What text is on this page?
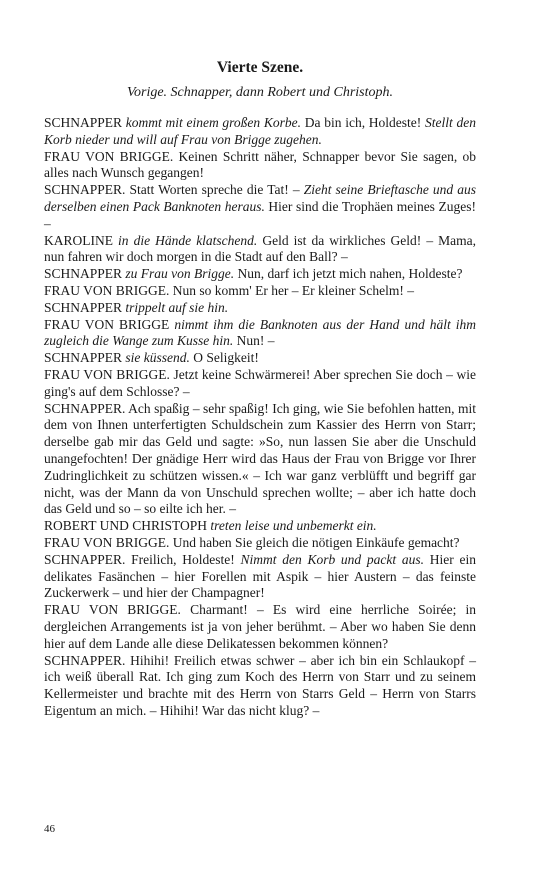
Vierte Szene.
Vorige. Schnapper, dann Robert und Christoph.
SCHNAPPER kommt mit einem großen Korbe. Da bin ich, Holdeste! Stellt den Korb nieder und will auf Frau von Brigge zugehen.
FRAU VON BRIGGE. Keinen Schritt näher, Schnapper bevor Sie sagen, ob alles nach Wunsch gegangen!
SCHNAPPER. Statt Worten spreche die Tat! – Zieht seine Brieftasche und aus derselben einen Pack Banknoten heraus. Hier sind die Trophäen meines Zuges! –
KAROLINE in die Hände klatschend. Geld ist da wirkliches Geld! – Mama, nun fahren wir doch morgen in die Stadt auf den Ball? –
SCHNAPPER zu Frau von Brigge. Nun, darf ich jetzt mich nahen, Holdeste?
FRAU VON BRIGGE. Nun so komm' Er her – Er kleiner Schelm! –
SCHNAPPER trippelt auf sie hin.
FRAU VON BRIGGE nimmt ihm die Banknoten aus der Hand und hält ihm zugleich die Wange zum Kusse hin. Nun! –
SCHNAPPER sie küssend. O Seligkeit!
FRAU VON BRIGGE. Jetzt keine Schwärmerei! Aber sprechen Sie doch – wie ging's auf dem Schlosse? –
SCHNAPPER. Ach spaßig – sehr spaßig! Ich ging, wie Sie befohlen hatten, mit dem von Ihnen unterfertigten Schuldschein zum Kassier des Herrn von Starr; derselbe gab mir das Geld und sagte: »So, nun lassen Sie aber die Unschuld unangefochten! Der gnädige Herr wird das Haus der Frau von Brigge vor Ihrer Zudringlichkeit zu schützen wissen.« – Ich war ganz verblüfft und begriff gar nicht, was der Mann da von Unschuld sprechen wollte; – aber ich hatte doch das Geld und so – so eilte ich her. –
ROBERT UND CHRISTOPH treten leise und unbemerkt ein.
FRAU VON BRIGGE. Und haben Sie gleich die nötigen Einkäufe gemacht?
SCHNAPPER. Freilich, Holdeste! Nimmt den Korb und packt aus. Hier ein delikates Fasänchen – hier Forellen mit Aspik – hier Austern – das feinste Zuckerwerk – und hier der Champagner!
FRAU VON BRIGGE. Charmant! – Es wird eine herrliche Soirée; in dergleichen Arrangements ist ja von jeher berühmt. – Aber wo haben Sie denn hier auf dem Lande alle diese Delikatessen bekommen können?
SCHNAPPER. Hihihi! Freilich etwas schwer – aber ich bin ein Schlaukopf – ich weiß überall Rat. Ich ging zum Koch des Herrn von Starr und zu seinem Kellermeister und brachte mit des Herrn von Starrs Geld – Herrn von Starrs Eigentum an mich. – Hihihi! War das nicht klug? –
46
